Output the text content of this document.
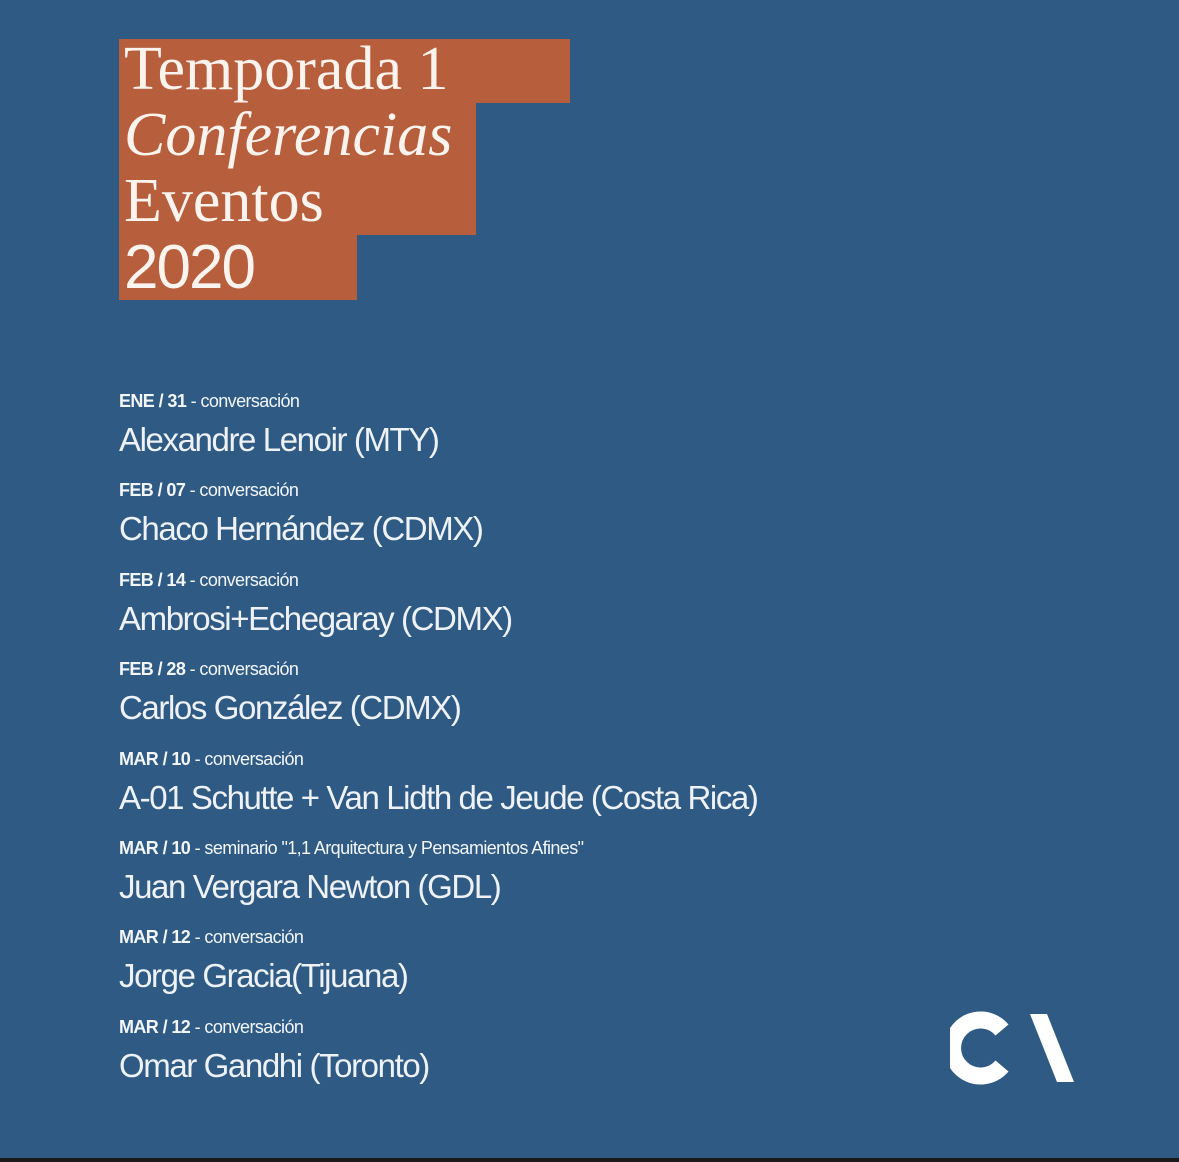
Temporada 1
Conferencias
Eventos
2020
ENE / 31 - conversación
Alexandre Lenoir (MTY)
FEB / 07 - conversación
Chaco Hernández (CDMX)
FEB / 14 - conversación
Ambrosi+Echegaray (CDMX)
FEB / 28 - conversación
Carlos González (CDMX)
MAR / 10 - conversación
A-01 Schutte + Van Lidth de Jeude (Costa Rica)
MAR / 10 - seminario "1,1 Arquitectura y Pensamientos Afines"
Juan Vergara Newton (GDL)
MAR / 12 - conversación
Jorge Gracia(Tijuana)
MAR / 12 - conversación
Omar Gandhi (Toronto)
